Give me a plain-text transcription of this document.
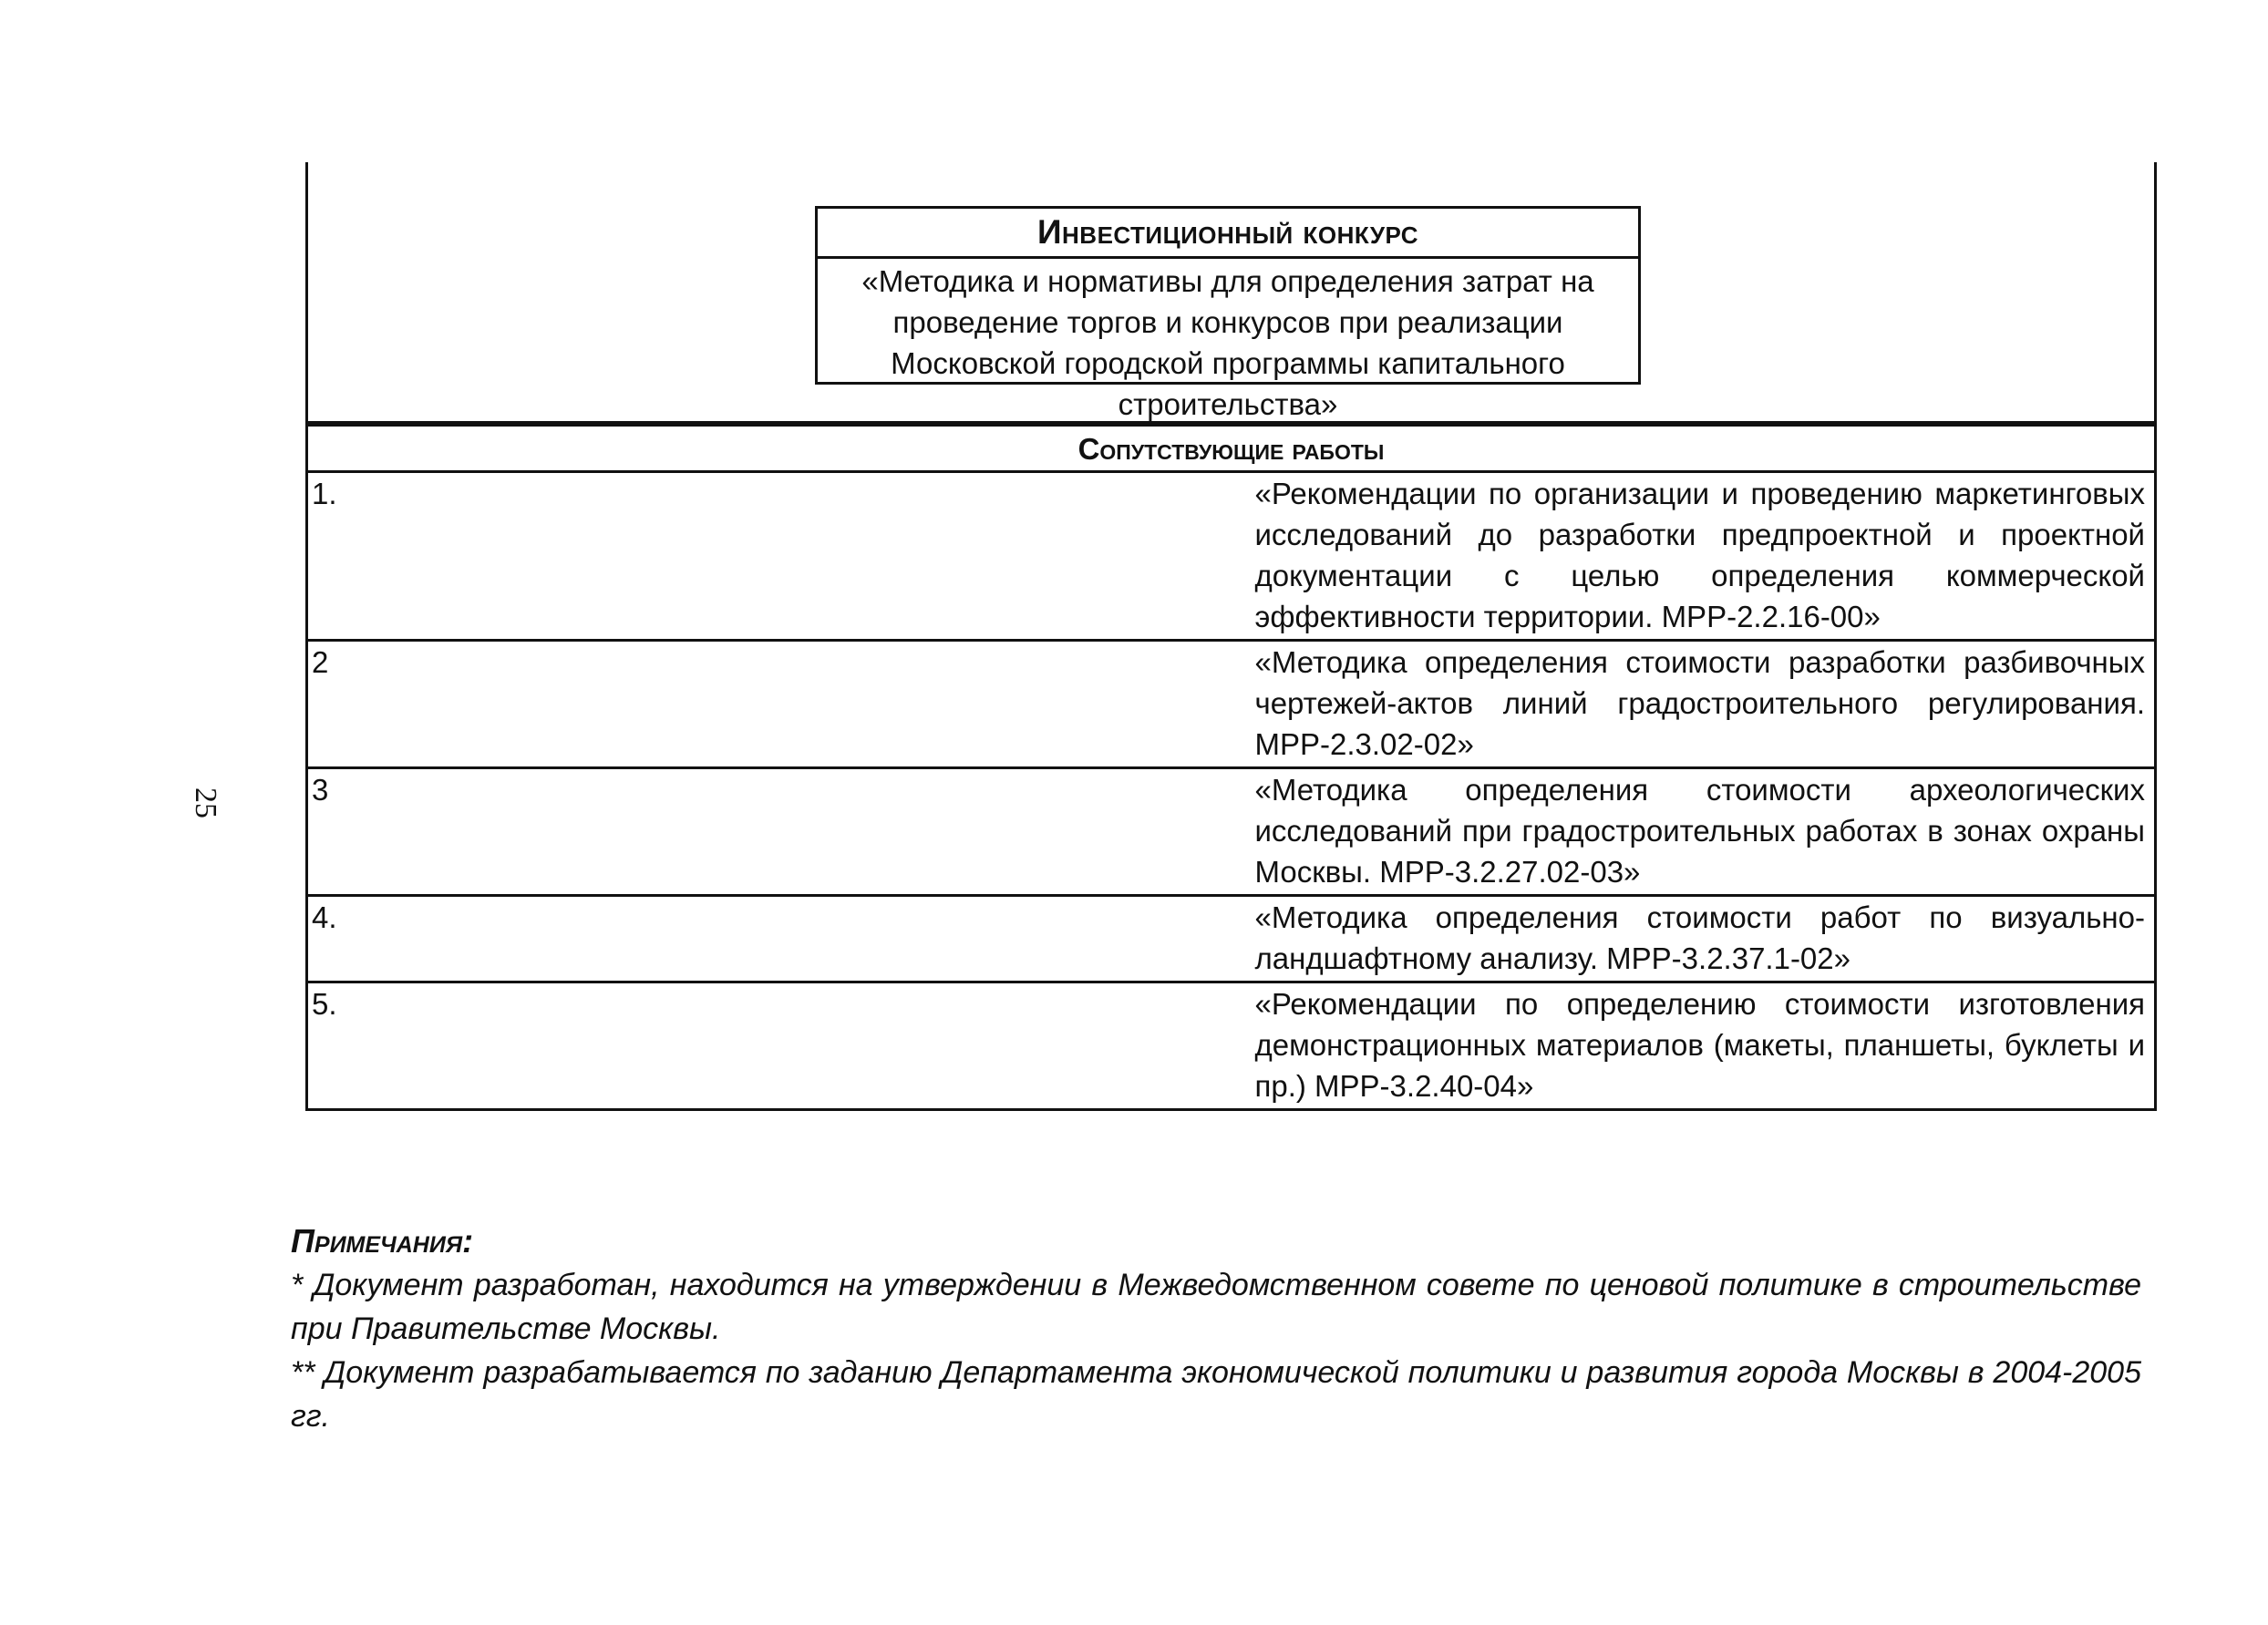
Инвестиционный конкурс
«Методика и нормативы для определения затрат на проведение торгов и конкурсов при реализации Московской городской программы капитального строительства»
Сопутствующие работы	
1.	«Рекомендации по организации и проведению маркетинговых исследований до разработки предпроектной и проектной документации с целью определения коммерческой эффективности территории. МРР-2.2.16-00»
2	«Методика определения стоимости разработки разбивочных чертежей-актов линий градостроительного регулирования. МРР-2.3.02-02»
3	«Методика определения стоимости археологических исследований при градостроительных работах в зонах охраны Москвы. МРР-3.2.27.02-03»
4.	«Методика определения стоимости работ по визуально-ландшафтному анализу. МРР-3.2.37.1-02»
5.	«Рекомендации по определению стоимости изготовления демонстрационных материалов (макеты, планшеты, буклеты и пр.) МРР-3.2.40-04»
25
Примечания:

* Документ разработан, находится на утверждении в Межведомственном совете по ценовой политике в строительстве при Правительстве Москвы.

** Документ разрабатывается по заданию Департамента экономической политики и развития города Москвы в 2004-2005 гг.
